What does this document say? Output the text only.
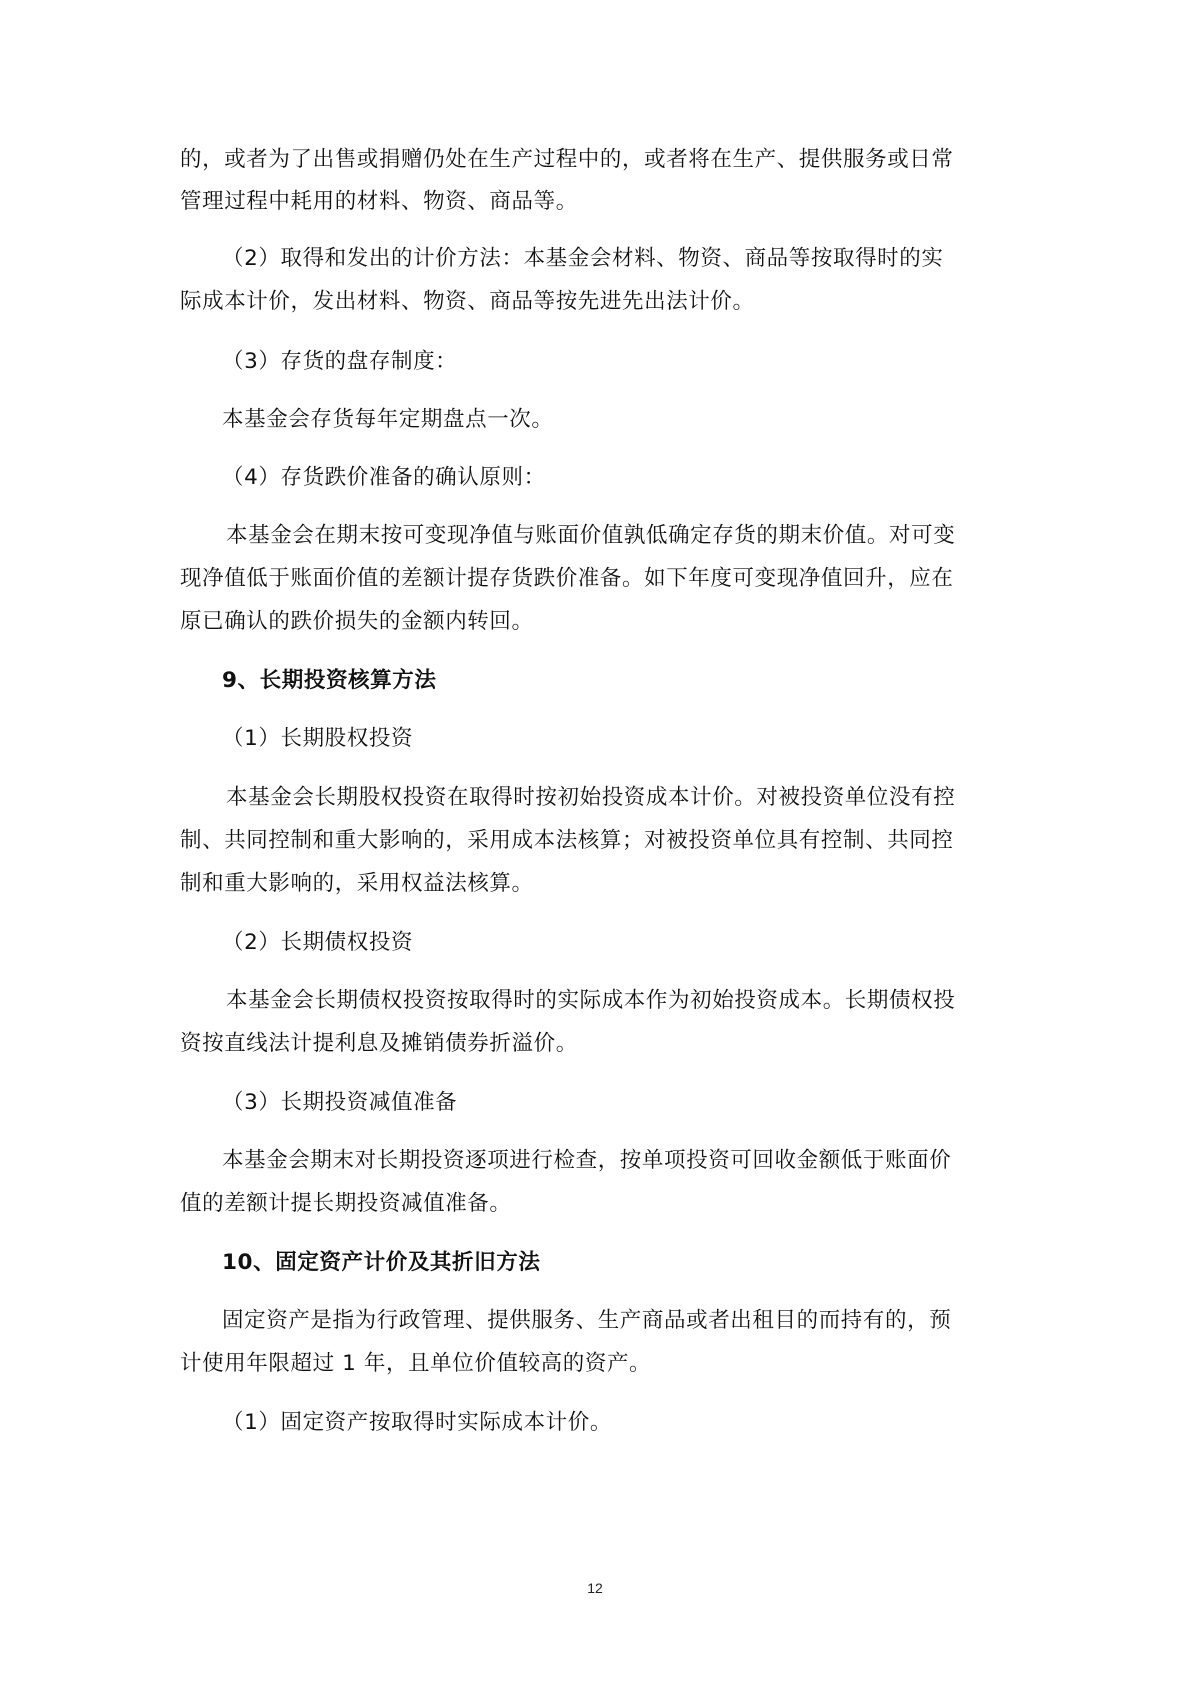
的，或者为了出售或捐赠仍处在生产过程中的，或者将在生产、提供服务或日常
管理过程中耗用的材料、物资、商品等。
（2）取得和发出的计价方法：本基金会材料、物资、商品等按取得时的实
际成本计价，发出材料、物资、商品等按先进先出法计价。
（3）存货的盘存制度：
本基金会存货每年定期盘点一次。
（4）存货跌价准备的确认原则：
本基金会在期末按可变现净值与账面价值孰低确定存货的期末价值。对可变
现净值低于账面价值的差额计提存货跌价准备。如下年度可变现净值回升，应在
原已确认的跌价损失的金额内转回。
9、长期投资核算方法
（1）长期股权投资
本基金会长期股权投资在取得时按初始投资成本计价。对被投资单位没有控
制、共同控制和重大影响的，采用成本法核算；对被投资单位具有控制、共同控
制和重大影响的，采用权益法核算。
（2）长期债权投资
本基金会长期债权投资按取得时的实际成本作为初始投资成本。长期债权投
资按直线法计提利息及摊销债券折溢价。
（3）长期投资减值准备
本基金会期末对长期投资逐项进行检查，按单项投资可回收金额低于账面价
值的差额计提长期投资减值准备。
10、固定资产计价及其折旧方法
固定资产是指为行政管理、提供服务、生产商品或者出租目的而持有的，预
计使用年限超过 1 年，且单位价值较高的资产。
（1）固定资产按取得时实际成本计价。
12
